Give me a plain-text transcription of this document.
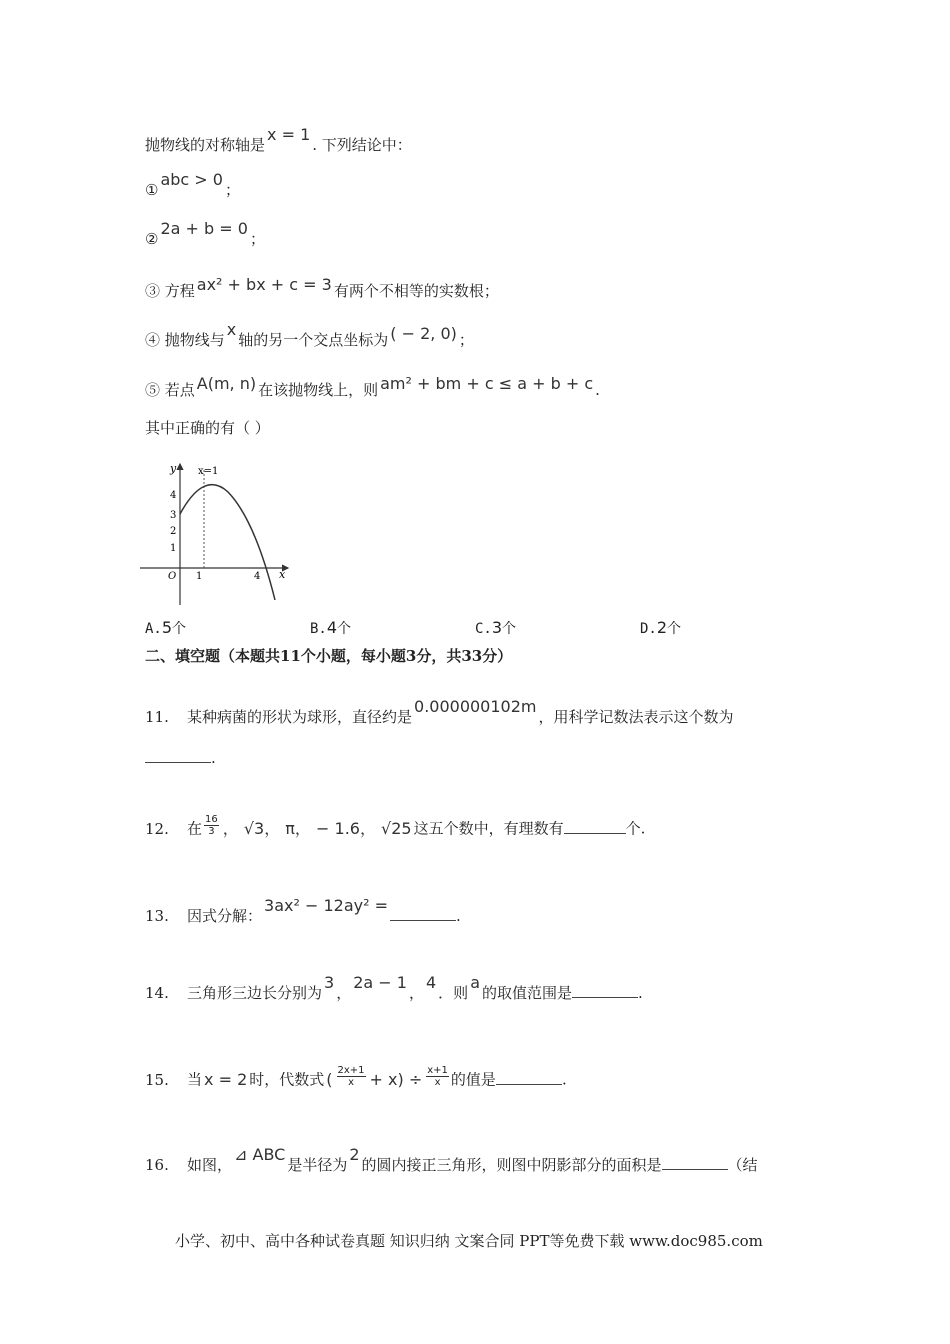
抛物线的对称轴是x = 1. 下列结论中：
①abc > 0；
②2a + b = 0；
③ 方程 ax² + bx + c = 3 有两个不相等的实数根；
④ 抛物线与x轴的另一个交点坐标为 ( − 2, 0) ；
⑤ 若点 A(m, n) 在该抛物线上，则 am² + bm + c ≤ a + b + c .
其中正确的有（ ）
y x=1
4
3
2
1
O 1	4 x
A.5个	B.4个	C.3个	D.2个
二、填空题（本题共11个小题，每小题3分，共33分）
11. 某种病菌的形状为球形，直径约是0.000000102m，用科学记数法表示这个数为
.
12. 在 $\frac{16}{3}$ ， √3， π， − 1.6， √25 这五个数中，有理数有	个.
13. 因式分解：3ax² − 12ay² =.
14. 三角形三边长分别为3，2a − 1，4．则a的取值范围是	.
15. 当 x = 2 时，代数式 ( $\frac{2x+1}{x} + x) \div \frac{x+1}{x}$ 的值是	.
16. 如图，⊿ ABC是半径为2的圆内接正三角形，则图中阴影部分的面积是	（结
小学、初中、高中各种试卷真题 知识归纳 文案合同 PPT等免费下载 www.doc985.com
